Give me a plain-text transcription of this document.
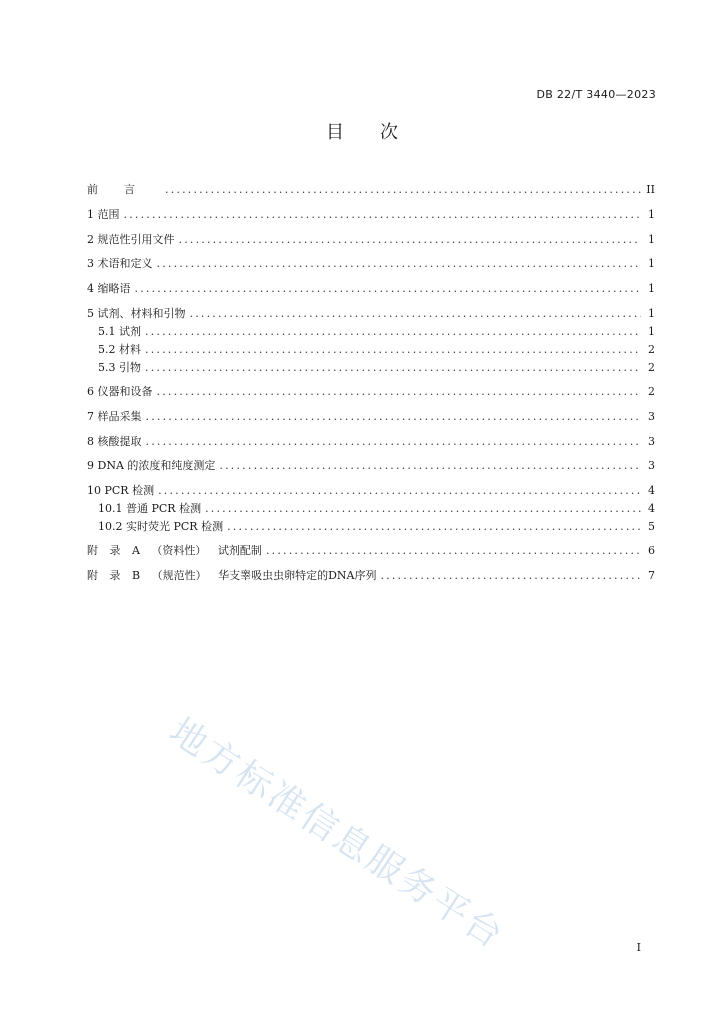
DB 22/T 3440—2023
目次
前言 .....	II
1 范围 .....	1
2 规范性引用文件 .....	1
3 术语和定义 .....	1
4 缩略语 .....	1
5 试剂、材料和引物 .....	1
5.1 试剂 .....	1
5.2 材料 .....	2
5.3 引物 .....	2
6 仪器和设备 .....	2
7 样品采集 .....	3
8 核酸提取 .....	3
9 DNA 的浓度和纯度测定 .....	3
10 PCR 检测 .....	4
10.1 普通 PCR 检测 .....	4
10.2 实时荧光 PCR 检测 .....	5
附 录 A （资料性） 试剂配制 .....	6
附 录 B （规范性） 华支睾吸虫虫卵特定的DNA序列 .....	7
地方标准信息服务平台	I
